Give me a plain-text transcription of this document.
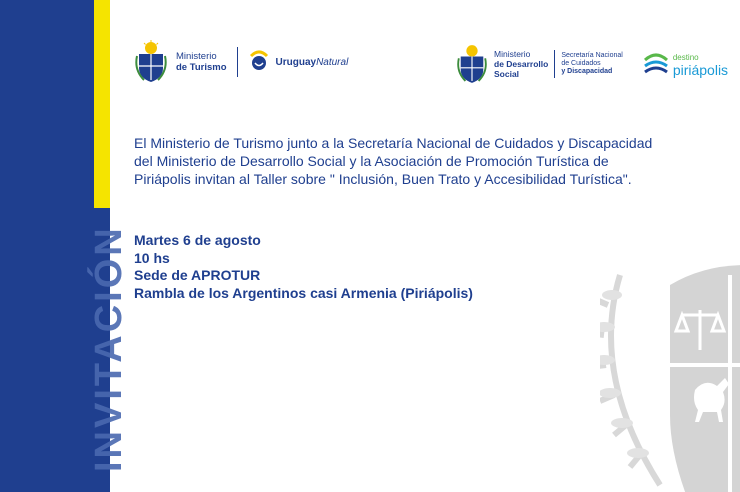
INVITACIÓN
Ministerio
de Turismo	UruguayNatural
Ministerio
de Desarrollo
Social
Secretaría Nacional
de Cuidados
y Discapacidad
destino
piriápolis
El Ministerio de Turismo junto a la Secretaría Nacional de Cuidados y Discapacidad
del Ministerio de Desarrollo Social y la Asociación de Promoción Turística de
Piriápolis invitan al Taller sobre " Inclusión, Buen Trato y Accesibilidad Turística".
Martes 6 de agosto
10 hs
Sede de APROTUR
Rambla de los Argentinos casi Armenia (Piriápolis)
